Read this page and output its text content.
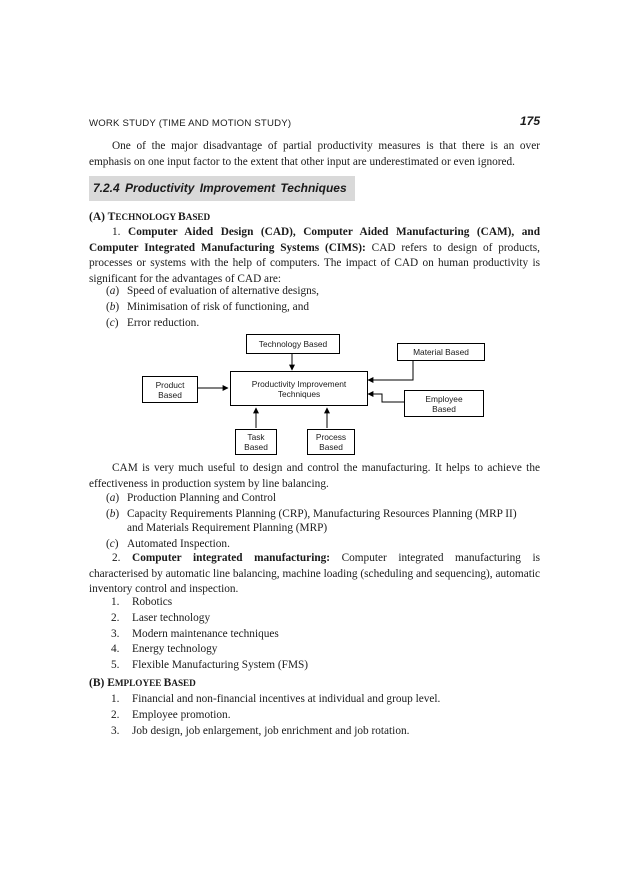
WORK STUDY (TIME AND MOTION STUDY)	175
One of the major disadvantage of partial productivity measures is that there is an over emphasis on one input factor to the extent that other input are underestimated or even ignored.
7.2.4 Productivity Improvement Techniques
(A) TECHNOLOGY BASED
1. Computer Aided Design (CAD), Computer Aided Manufacturing (CAM), and Computer Integrated Manufacturing Systems (CIMS): CAD refers to design of products, processes or systems with the help of computers. The impact of CAD on human productivity is significant for the advantages of CAD are:
(a) Speed of evaluation of alternative designs,
(b) Minimisation of risk of functioning, and
(c) Error reduction.
Technology Based
Material Based
Product
Based
Productivity Improvement
Techniques	Employee
Based
Task
Based
Process
Based
CAM is very much useful to design and control the manufacturing. It helps to achieve the effectiveness in production system by line balancing.
(a) Production Planning and Control
(b) Capacity Requirements Planning (CRP), Manufacturing Resources Planning (MRP II)
and Materials Requirement Planning (MRP)
(c) Automated Inspection.
2. Computer integrated manufacturing: Computer integrated manufacturing is characterised by automatic line balancing, machine loading (scheduling and sequencing), automatic inventory control and inspection.
1. Robotics
2. Laser technology
3. Modern maintenance techniques
4. Energy technology
5. Flexible Manufacturing System (FMS)
(B) EMPLOYEE BASED
1. Financial and non-financial incentives at individual and group level.
2. Employee promotion.
3. Job design, job enlargement, job enrichment and job rotation.
